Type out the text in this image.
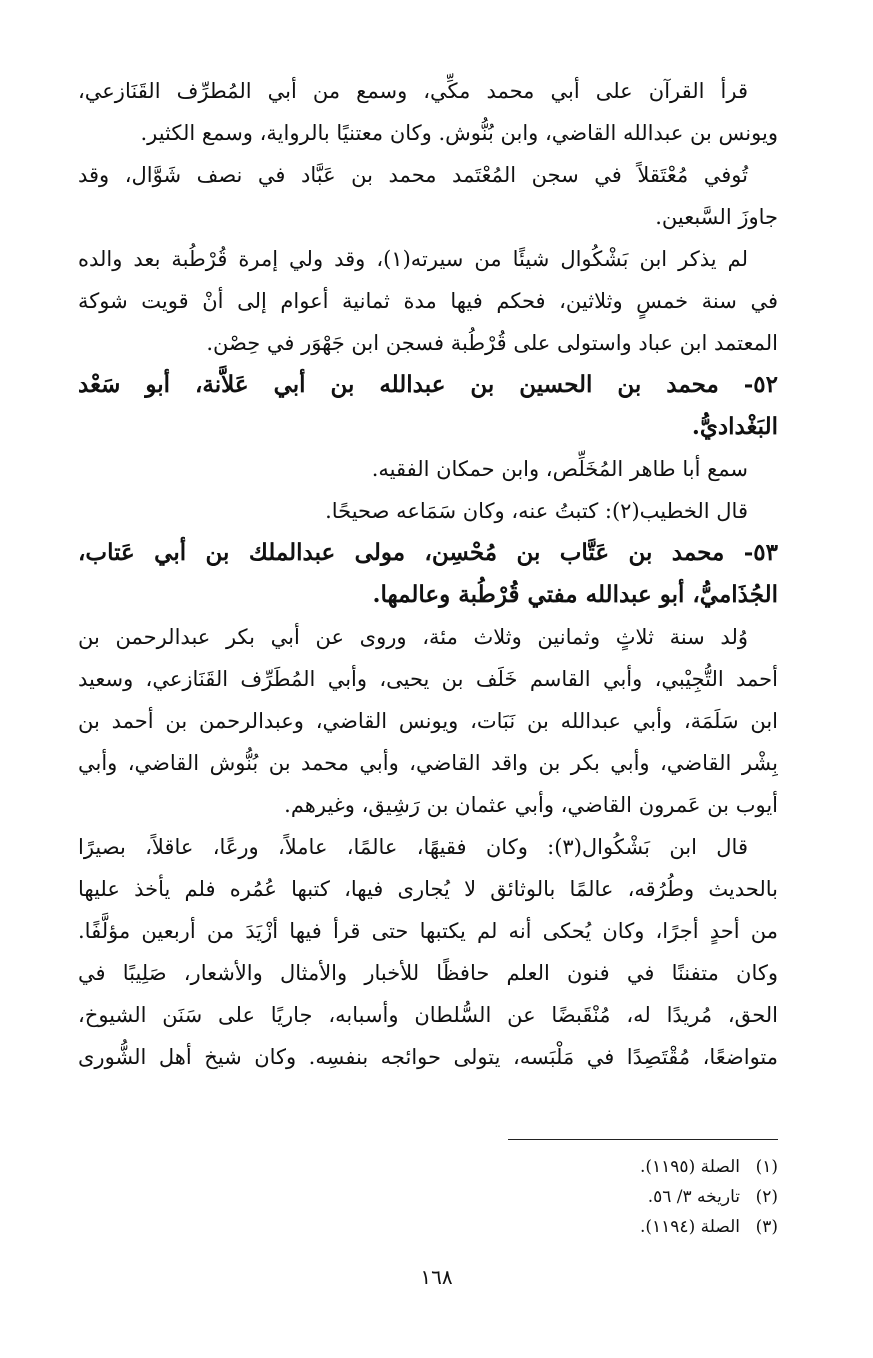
قرأ القرآن على أبي محمد مكِّي، وسمع من أبي المُطرِّف القَنَازعي،
ويونس بن عبدالله القاضي، وابن بُنُّوش. وكان معتنيًا بالرواية، وسمع الكثير.
تُوفي مُعْتَقلاً في سجن المُعْتَمد محمد بن عَبَّاد في نصف شَوَّال، وقد
جاوزَ السَّبعين.
لم يذكر ابن بَشْكُوال شيئًا من سيرته(١)، وقد ولي إمرة قُرْطُبة بعد والده
في سنة خمسٍ وثلاثين، فحكم فيها مدة ثمانية أعوام إلى أنْ قويت شوكة
المعتمد ابن عباد واستولى على قُرْطُبة فسجن ابن جَهْوَر في حِصْن.
٥٢- محمد بن الحسين بن عبدالله بن أبي عَلاَّنة، أبو سَعْد
البَغْداديُّ.
سمع أبا طاهر المُخَلِّص، وابن حمكان الفقيه.
قال الخطيب(٢): كتبتُ عنه، وكان سَمَاعه صحيحًا.
٥٣- محمد بن عَتَّاب بن مُحْسِن، مولى عبدالملك بن أبي عَتاب،
الجُذَاميُّ، أبو عبدالله مفتي قُرْطُبة وعالمها.
وُلد سنة ثلاثٍ وثمانين وثلاث مئة، وروى عن أبي بكر عبدالرحمن بن
أحمد التُّجِيْبي، وأبي القاسم خَلَف بن يحيى، وأبي المُطَرِّف القَنَازعي، وسعيد
ابن سَلَمَة، وأبي عبدالله بن نَبَات، ويونس القاضي، وعبدالرحمن بن أحمد بن
بِشْر القاضي، وأبي بكر بن واقد القاضي، وأبي محمد بن بُنُّوش القاضي، وأبي
أيوب بن عَمرون القاضي، وأبي عثمان بن رَشِيق، وغيرهم.
قال ابن بَشْكُوال(٣): وكان فقيهًا، عالمًا، عاملاً، ورعًا، عاقلاً، بصيرًا
بالحديث وطُرُقه، عالمًا بالوثائق لا يُجارى فيها، كتبها عُمُره فلم يأخذ عليها
من أحدٍ أجرًا، وكان يُحكى أنه لم يكتبها حتى قرأ فيها أزْيَدَ من أربعين مؤلَّفًا.
وكان متفننًا في فنون العلم حافظًا للأخبار والأمثال والأشعار، صَلِيبًا في
الحق، مُريدًا له، مُنْقَبضًا عن السُّلطان وأسبابه، جاريًا على سَنَن الشيوخ،
متواضعًا، مُقْتَصِدًا في مَلْبَسه، يتولى حوائجه بنفسِه. وكان شيخ أهل الشُّورى
(١)الصلة (١١٩٥).
(٢)تاريخه ٣/ ٥٦.
(٣)الصلة (١١٩٤).
١٦٨
